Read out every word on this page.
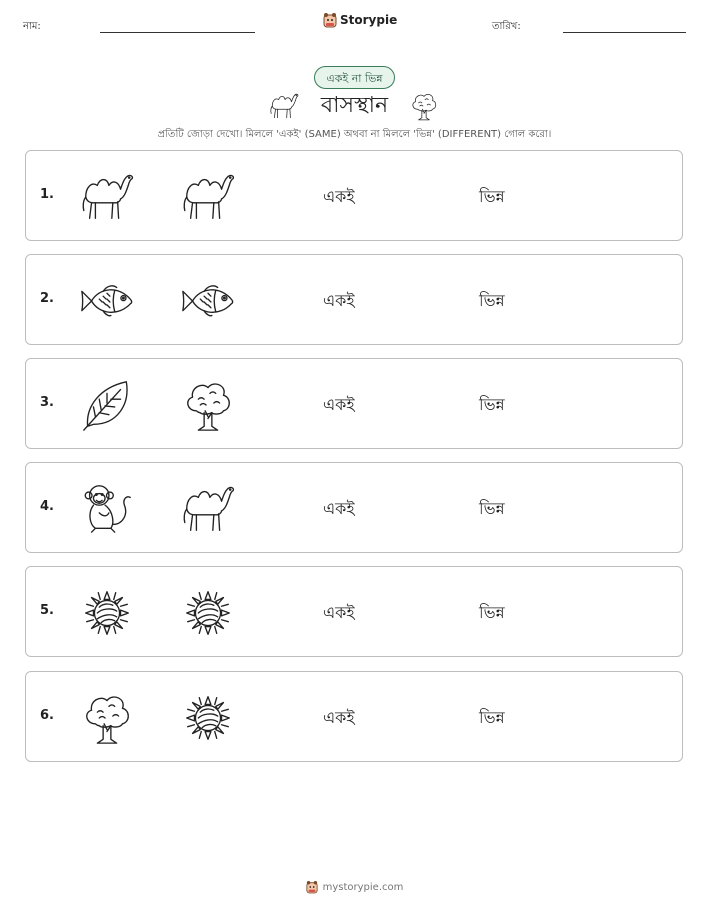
নাম:	Storypie	তারিখ:
একই না ভিন্ন
বাসস্থান
প্রতিটি জোড়া দেখো। মিললে 'একই' (SAME) অথবা না মিললে 'ভিন্ন' (DIFFERENT) গোল করো।
1.	একই	ভিন্ন
2.	একই	ভিন্ন
3.	একই	ভিন্ন
4.	একই	ভিন্ন
5.	একই	ভিন্ন
6.	একই	ভিন্ন
mystorypie.com
